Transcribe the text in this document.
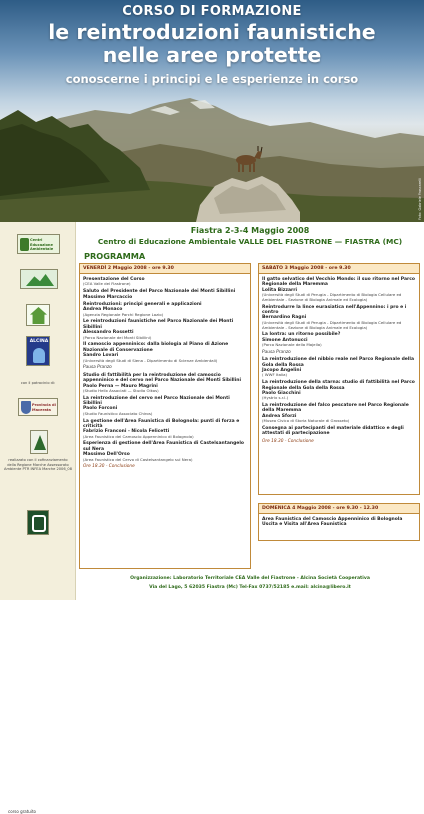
CORSO DI FORMAZIONE
le reintroduzioni faunistiche
nelle aree protette
conoscerne i principi e le esperienze in corso
Foto: Gabriele Frascarelli
Centri Educazione Ambientale
ALCINA
con il patrocinio di:
Provincia di Macerata
realizzato con il cofinanziamento della Regione Marche Assessorato Ambiente PTR INFEA Marche 2006_08
corso gratuito
Fiastra 2-3-4 Maggio 2008
Centro di Educazione Ambientale VALLE DEL FIASTRONE — FIASTRA (MC)
PROGRAMMA
VENERDÌ 2 Maggio 2008 - ore 9.30
Presentazione del Corso
(CEA Valle del Fiastrone)
Saluto del Presidente del Parco Nazionale dei Monti Sibillini
Massimo Marcaccio
Reintroduzioni: principi generali e applicazioni
Andrea Monaco
(Agenzia Regionale Parchi Regione Lazio)
Le reintroduzioni faunistiche nel Parco Nazionale dei Monti Sibillini
Alessandro Rossetti
(Parco Nazionale dei Monti Sibillini)
Il camoscio appenninico: dalla biologia al Piano di Azione Nazionale di Conservazione
Sandro Lovari
(Università degli Studi di Siena - Dipartimento di Scienze Ambientali)
Pausa Pranzo
Studio di fattibilità per la reintroduzione del camoscio appenninico e del cervo nel Parco Nazionale dei Monti Sibillini
Paolo Perna — Mauro Magrini
(Studio Hellx Associati — Studio Oikos)
La reintroduzione del cervo nel Parco Nazionale dei Monti Sibillini
Paolo Forconi
(Studio Faunistico Associato Chiros)
La gestione dell'Area Faunistica di Bolognola: punti di forza e criticità
Fabrizio Franconi - Nicola Felicetti
(Area Faunistica del Camoscio Appenninico di Bolognola)
Esperienza di gestione dell'Area Faunistica di Castelsantangelo sul Nera
Massimo Dell'Orso
(Area Faunistica del Cervo di Castelsantangelo sul Nera)
Ore 18.30 - Conclusione
SABATO 3 Maggio 2008 - ore 9.30
Il gatto selvatico del Vecchio Mondo: il suo ritorno nel Parco Regionale della Maremma
Lolita Bizzarri
(Università degli Studi di Perugia - Dipartimento di Biologia Cellulare ed Ambientale - Sezione di Biologia Animale ed Ecologia)
Reintrodurre la lince eurasiatica nell'Appennino: i pro e i contro
Bernardino Ragni
(Università degli Studi di Perugia - Dipartimento di Biologia Cellulare ed Ambientale - Sezione di Biologia Animale ed Ecologia)
La lontra: un ritorno possibile?
Simone Antonucci
(Parco Nazionale della Majella)
Pausa Pranzo
La reintroduzione del nibbio reale nel Parco Regionale della Gola della Rossa
Jacopo Angelini
( WWF Italia)
La reintroduzione della starna: studio di fattibilità nel Parco Regionale della Gola della Rossa
Paolo Giacchini
(Hystrix s.r.l.)
La reintroduzione del falco pescatore nel Parco Regionale della Maremma
Andrea Sforzi
(Museo Civico di Storia Naturale di Grosseto)
Consegna ai partecipanti del materiale didattico e degli attestati di partecipazione
Ore 18.30 - Conclusione
DOMENICA 4 Maggio 2008 - ore 9.30 - 12.30
Area Faunistica del Camoscio Appenninico di Bolognola Uscita e Visita all'Area Faunistica
Organizzazione: Laboratorio Territoriale CEA Valle del Fiastrone - Alcina Società Cooperativa
Via del Lago, 5 62035 Fiastra (Mc) Tel-Fax 0737/52185 e.mail: alcina@libero.it
